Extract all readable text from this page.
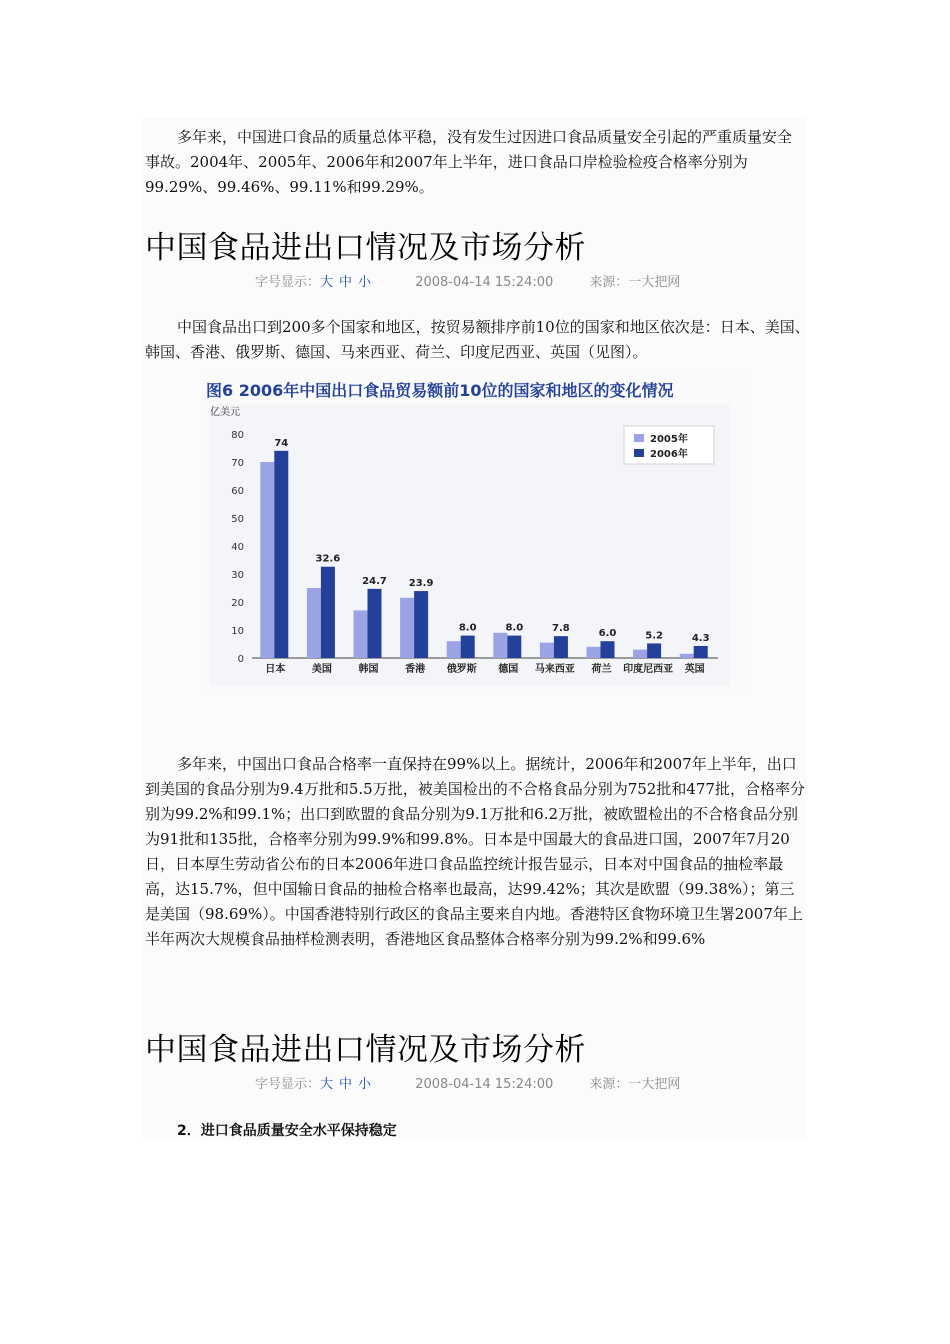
多年来，中国进口食品的质量总体平稳，没有发生过因进口食品质量安全引起的严重质量安全事故。2004年、2005年、2006年和2007年上半年，进口食品口岸检验检疫合格率分别为99.29%、99.46%、99.11%和99.29%。

中国食品进出口情况及市场分析
字号显示：大 中 小	2008-04-14 15:24:00	来源：一大把网

中国食品出口到200多个国家和地区，按贸易额排序前10位的国家和地区依次是：日本、美国、韩国、香港、俄罗斯、德国、马来西亚、荷兰、印度尼西亚、英国（见图）。

图6 2006年中国出口食品贸易额前10位的国家和地区的变化情况
亿美元
0
10
20
30
40
50
60
70
80
74
日本
32.6
美国
24.7
韩国
23.9
香港
8.0
俄罗斯
8.0
德国
7.8
马来西亚
6.0
荷兰
5.2
印度尼西亚
4.3
英国
2005年
2006年

多年来，中国出口食品合格率一直保持在99%以上。据统计，2006年和2007年上半年，出口到美国的食品分别为9.4万批和5.5万批，被美国检出的不合格食品分别为752批和477批，合格率分别为99.2%和99.1%；出口到欧盟的食品分别为9.1万批和6.2万批，被欧盟检出的不合格食品分别为91批和135批，合格率分别为99.9%和99.8%。日本是中国最大的食品进口国，2007年7月20日，日本厚生劳动省公布的日本2006年进口食品监控统计报告显示，日本对中国食品的抽检率最高，达15.7%，但中国输日食品的抽检合格率也最高，达99.42%；其次是欧盟（99.38%）；第三是美国（98.69%）。中国香港特别行政区的食品主要来自内地。香港特区食物环境卫生署2007年上半年两次大规模食品抽样检测表明，香港地区食品整体合格率分别为99.2%和99.6%

中国食品进出口情况及市场分析
字号显示：大 中 小	2008-04-14 15:24:00	来源：一大把网
2．进口食品质量安全水平保持稳定
